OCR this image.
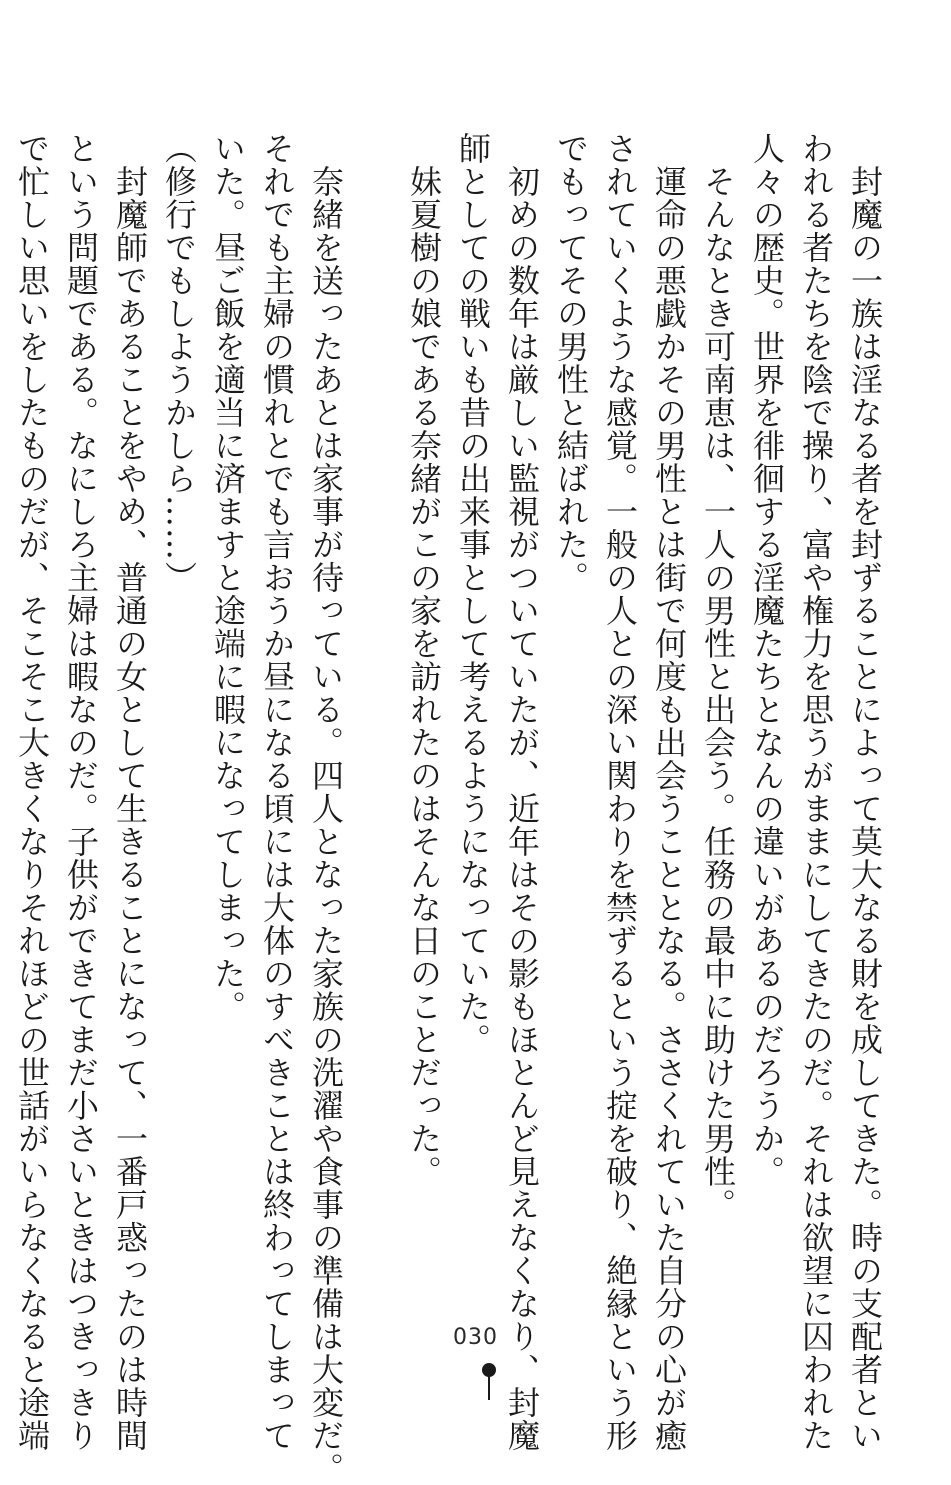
　封魔の一族は淫なる者を封ずることによって莫大なる財を成してきた。時の支配者とい
われる者たちを陰で操り、富や権力を思うがままにしてきたのだ。それは欲望に囚われた
人々の歴史。世界を徘徊する淫魔たちとなんの違いがあるのだろうか。
　そんなとき可南恵は、一人の男性と出会う。任務の最中に助けた男性。
　運命の悪戯かその男性とは街で何度も出会うこととなる。ささくれていた自分の心が癒
されていくような感覚。一般の人との深い関わりを禁ずるという掟を破り、絶縁という形
でもってその男性と結ばれた。
　初めの数年は厳しい監視がついていたが、近年はその影もほとんど見えなくなり、封魔
師としての戦いも昔の出来事として考えるようになっていた。
　妹夏樹の娘である奈緒がこの家を訪れたのはそんな日のことだった。

　奈緒を送ったあとは家事が待っている。四人となった家族の洗濯や食事の準備は大変だ。
それでも主婦の慣れとでも言おうか昼になる頃には大体のすべきことは終わってしまって
いた。昼ご飯を適当に済ますと途端に暇になってしまった。
（修行でもしようかしら……）
　封魔師であることをやめ、普通の女として生きることになって、一番戸惑ったのは時間
という問題である。なにしろ主婦は暇なのだ。子供ができてまだ小さいときはつきっきり
で忙しい思いをしたものだが、そこそこ大きくなりそれほどの世話がいらなくなると途端	030
